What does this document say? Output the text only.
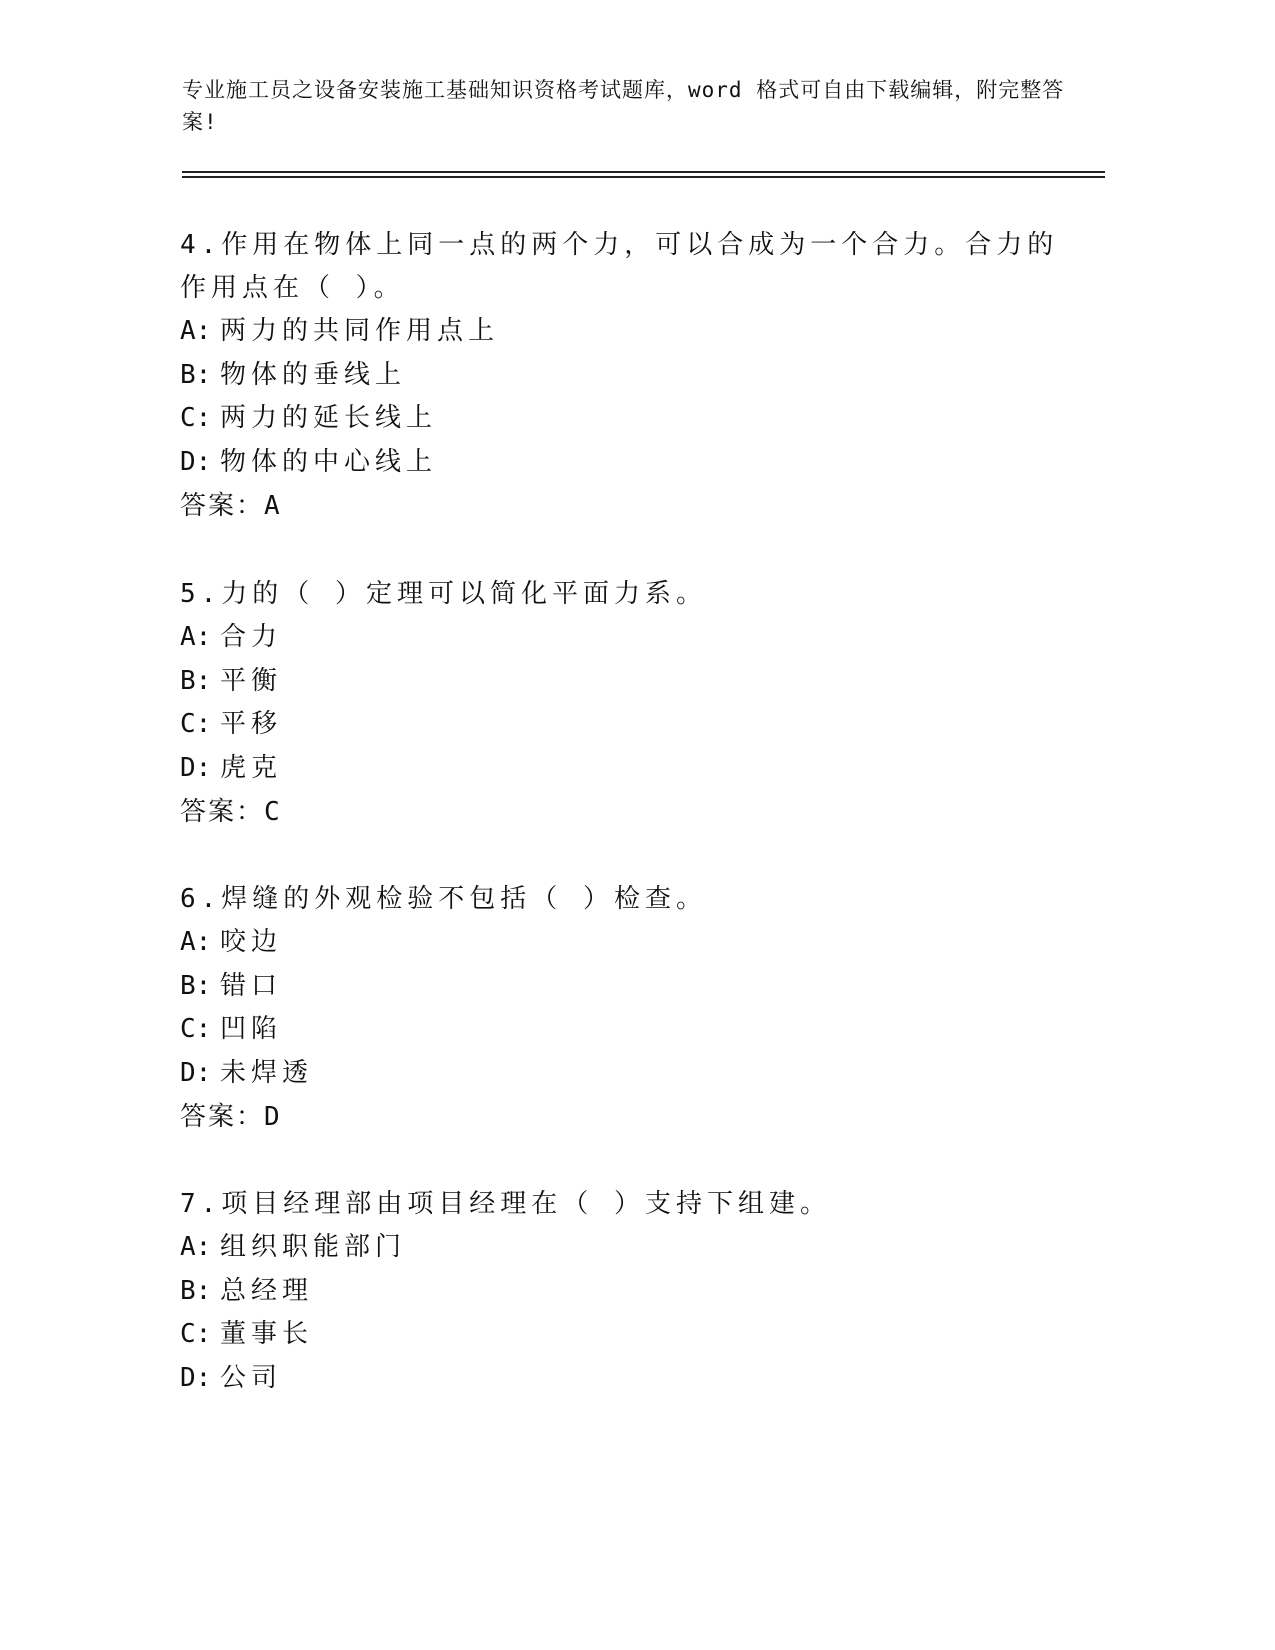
专业施工员之设备安装施工基础知识资格考试题库，word 格式可自由下载编辑，附完整答案!
4.作用在物体上同一点的两个力，可以合成为一个合力。合力的作用点在（ ）。
A: 两力的共同作用点上
B: 物体的垂线上
C: 两力的延长线上
D: 物体的中心线上
答案：A
5.力的（ ）定理可以简化平面力系。
A: 合力
B: 平衡
C: 平移
D: 虎克
答案：C
6.焊缝的外观检验不包括（ ）检查。
A: 咬边
B: 错口
C: 凹陷
D: 未焊透
答案：D
7.项目经理部由项目经理在（ ）支持下组建。
A: 组织职能部门
B: 总经理
C: 董事长
D: 公司
